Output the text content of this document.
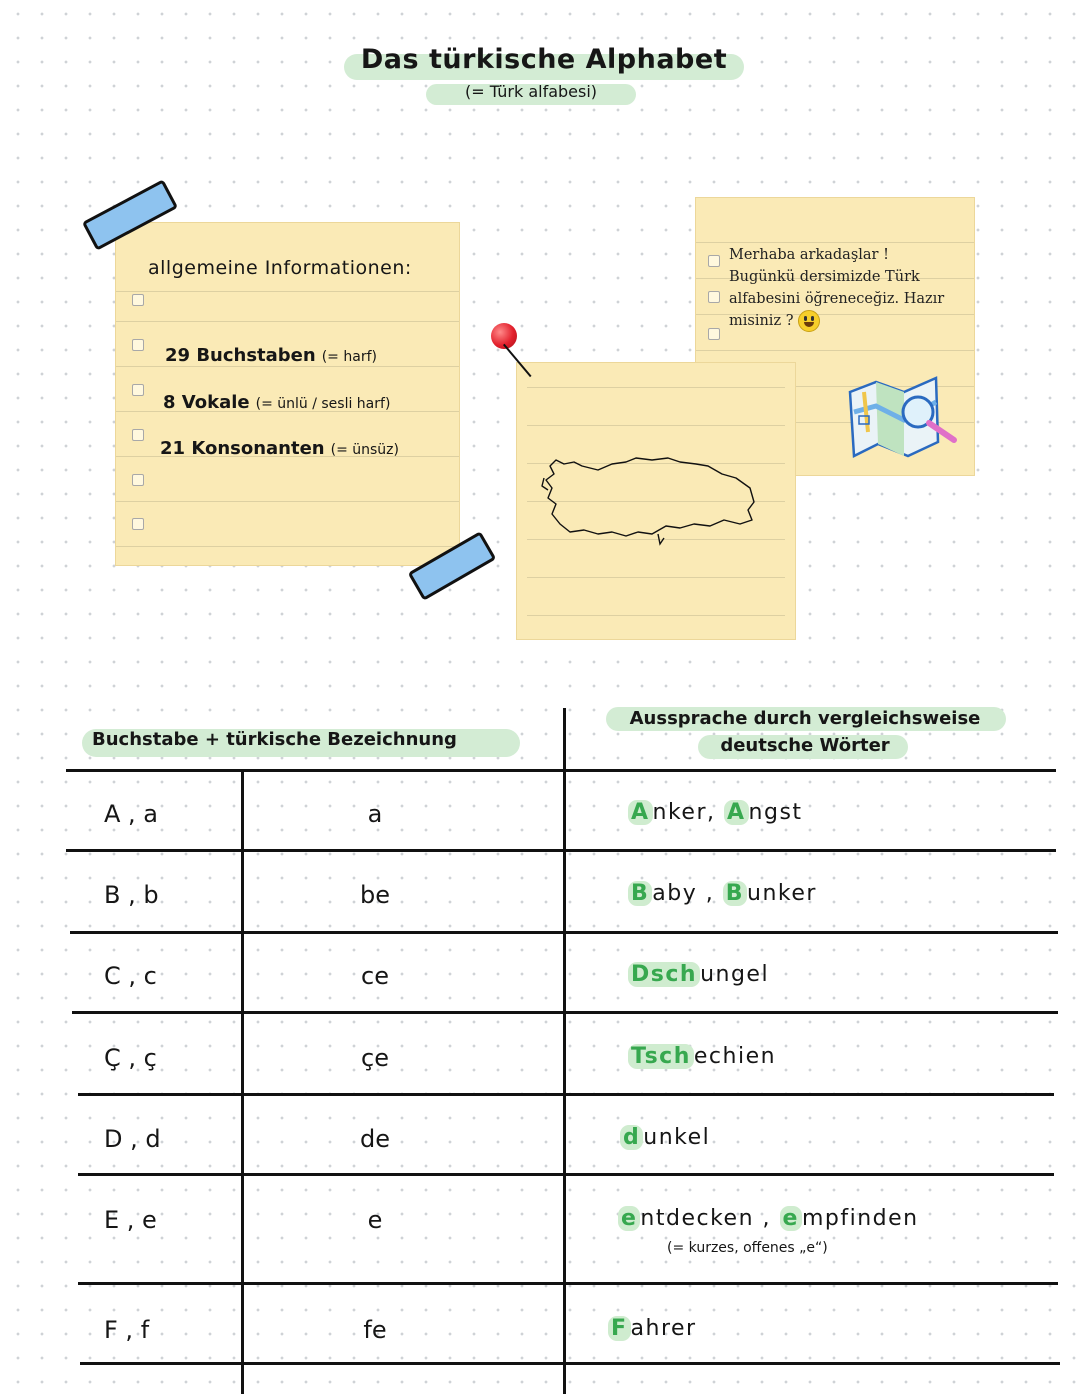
Das türkische Alphabet
(= Türk alfabesi)
allgemeine Informationen:
29 Buchstaben (= harf)
8 Vokale (= ünlü / sesli harf)
21 Konsonanten (= ünsüz)
Merhaba arkadaşlar ! Bugünkü dersimizde Türk alfabesini öğreneceğiz. Hazır misiniz ?
Buchstabe + türkische Bezeichnung
Aussprache durch vergleichsweise deutsche Wörter
A , a	a	A nker, A ngst
B , b	be	B aby , B unker
C , c	ce	Dsch ungel
Ç , ç	çe	Tsch echien
D , d	de	d unkel
E , e	e	e ntdecken , e mpfinden
(= kurzes, offenes „e“)
F , f	fe	F ahrer
